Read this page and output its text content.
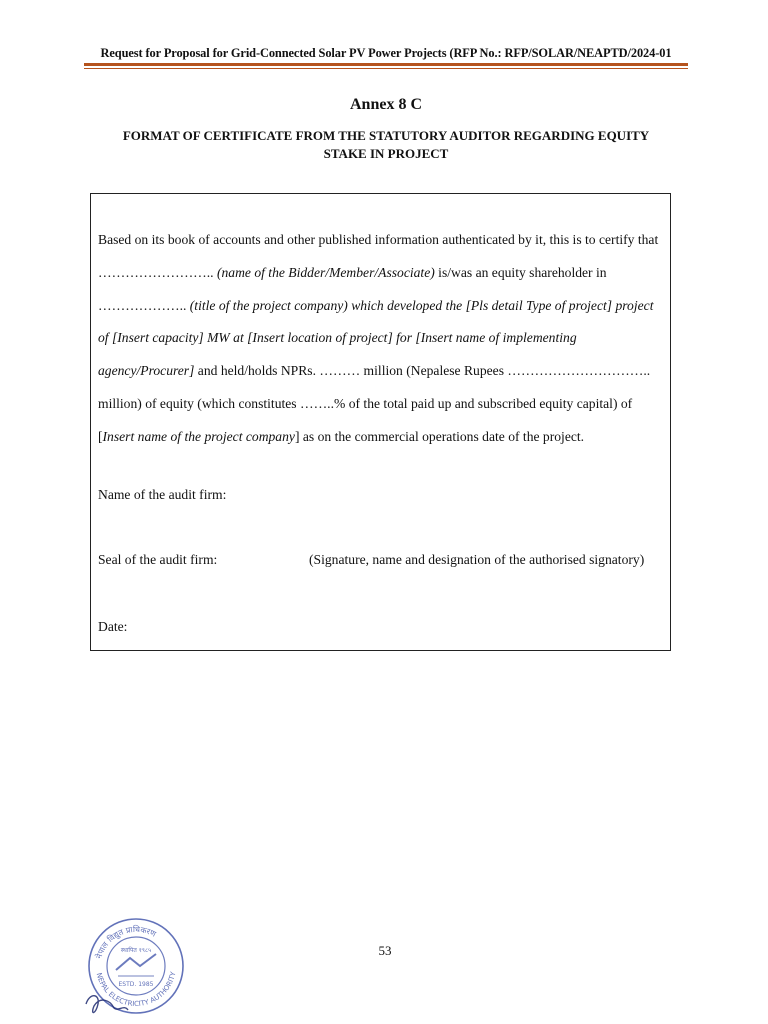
Request for Proposal for Grid-Connected Solar PV Power Projects (RFP No.: RFP/SOLAR/NEAPTD/2024-01
Annex 8 C
FORMAT OF CERTIFICATE FROM THE STATUTORY AUDITOR REGARDING EQUITY
STAKE IN PROJECT

Based on its book of accounts and other published information authenticated by it, this is to certify that …………………….. (name of the Bidder/Member/Associate) is/was an equity shareholder in ……………….. (title of the project company) which developed the [Pls detail Type of project] project of [Insert capacity] MW at [Insert location of project] for [Insert name of implementing agency/Procurer] and held/holds NPRs. ……… million (Nepalese Rupees ………………………….. million) of equity (which constitutes ……..% of the total paid up and subscribed equity capital) of [Insert name of the project company] as on the commercial operations date of the project.

Name of the audit firm:
Seal of the audit firm:	(Signature, name and designation of the authorised signatory)
Date:
53
नेपाल विद्युत प्राधिकरण
NEPAL ELECTRICITY AUTHORITY
स्थापित १९८५
ESTD. 1985
